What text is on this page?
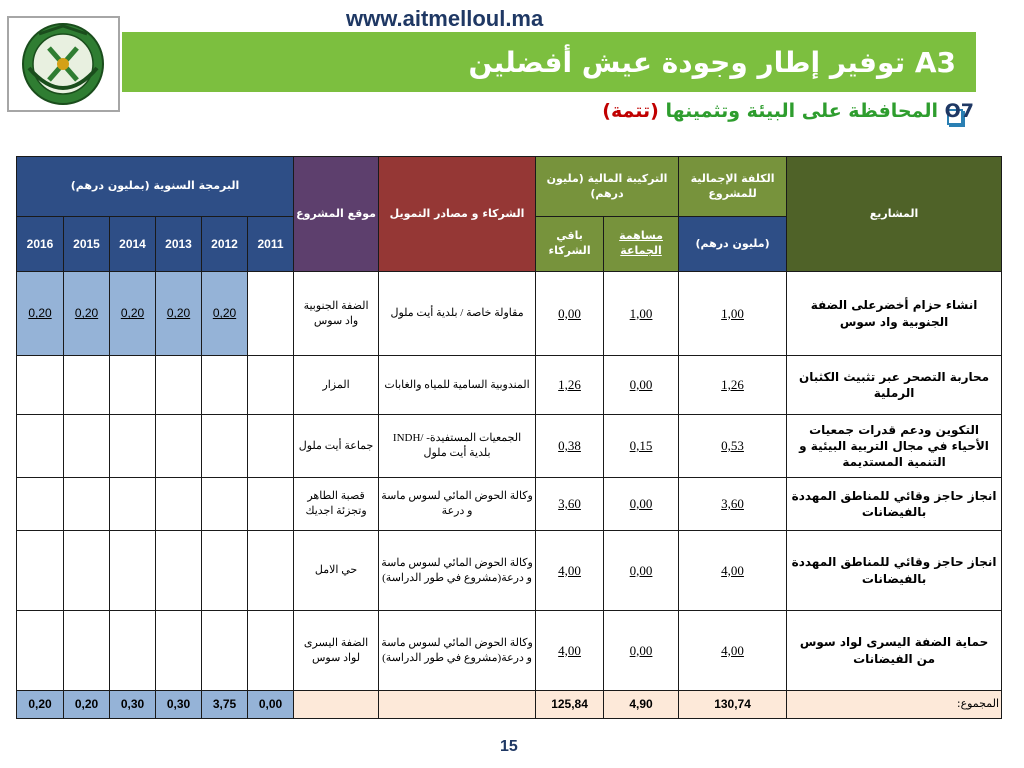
www.aitmelloul.ma
A3 توفير إطار وجودة عيش أفضلين
O7 المحافظة على البيئة وتثمينها (تتمة)
البرمجة السنوية (بمليون درهم)						موقع المشروع	الشركاء و مصادر التمويل	التركيبة المالية (مليون درهم)		الكلفة الإجمالية للمشروع	المشاريع
2016	2015	2014	2013	2012	2011			باقي الشركاء	مساهمة الجماعة	(مليون درهم)	
0,20	0,20	0,20	0,20	0,20		الضفة الجنوبية واد سوس	مقاولة خاصة / بلدية أيت ملول	0,00	1,00	1,00	انشاء حزام أخضرعلى الضفة الجنوبية واد سوس
						المزار	المندوبية السامية للمياه والغابات	1,26	0,00	1,26	محاربة التصحر عبر تثبيث الكثبان الرملية
						جماعة أيت ملول	الجمعيات المستفيدة- /INDH بلدية أيت ملول	0,38	0,15	0,53	التكوين ودعم قدرات جمعيات الأحياء في مجال التربية البيئية و التنمية المستديمة
						قصبة الطاهر وتجزئة اجديك	وكالة الحوض المائي لسوس ماسة و درعة	3,60	0,00	3,60	انجاز حاجز وقائي للمناطق المهددة بالفيضانات
						حي الامل	وكالة الحوض المائي لسوس ماسة و درعة(مشروع في طور الدراسة)	4,00	0,00	4,00	انجاز حاجز وقائي للمناطق المهددة بالفيضانات
						الضفة اليسرى لواد سوس	وكالة الحوض المائي لسوس ماسة و درعة(مشروع في طور الدراسة)	4,00	0,00	4,00	حماية الضفة اليسرى لواد سوس من الفيضانات
0,20	0,20	0,30	0,30	3,75	0,00			125,84	4,90	130,74	المجموع:
15
